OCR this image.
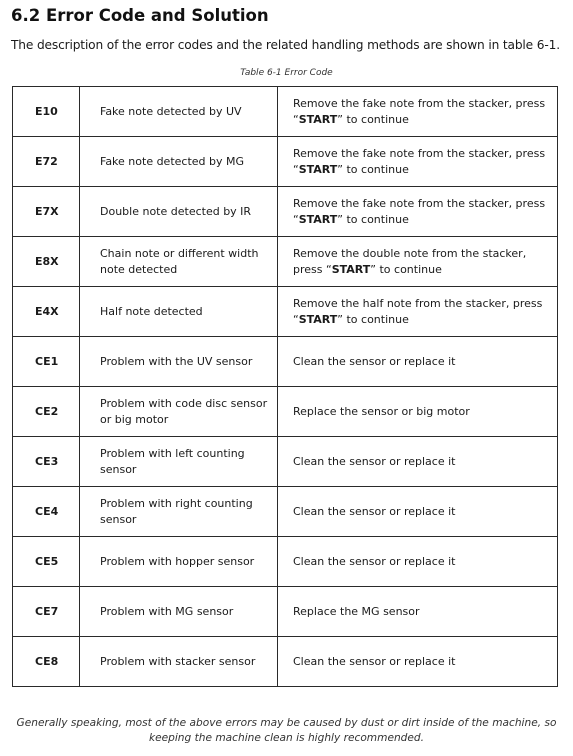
6.2 Error Code and Solution
The description of the error codes and the related handling methods are shown in table 6-1.
Table 6-1 Error Code
E10	Fake note detected by UV	Remove the fake note from the stacker, press “START” to continue
E72	Fake note detected by MG	Remove the fake note from the stacker, press “START” to continue
E7X	Double note detected by IR	Remove the fake note from the stacker, press “START” to continue
E8X	Chain note or different width note detected	Remove the double note from the stacker, press “START” to continue
E4X	Half note detected	Remove the half note from the stacker, press “START” to continue
CE1	Problem with the UV sensor	Clean the sensor or replace it
CE2	Problem with code disc sensor or big motor	Replace the sensor or big motor
CE3	Problem with left counting sensor	Clean the sensor or replace it
CE4	Problem with right counting sensor	Clean the sensor or replace it
CE5	Problem with hopper sensor	Clean the sensor or replace it
CE7	Problem with MG sensor	Replace the MG sensor
CE8	Problem with stacker sensor	Clean the sensor or replace it
Generally speaking, most of the above errors may be caused by dust or dirt inside of the machine, so keeping the machine clean is highly recommended.
